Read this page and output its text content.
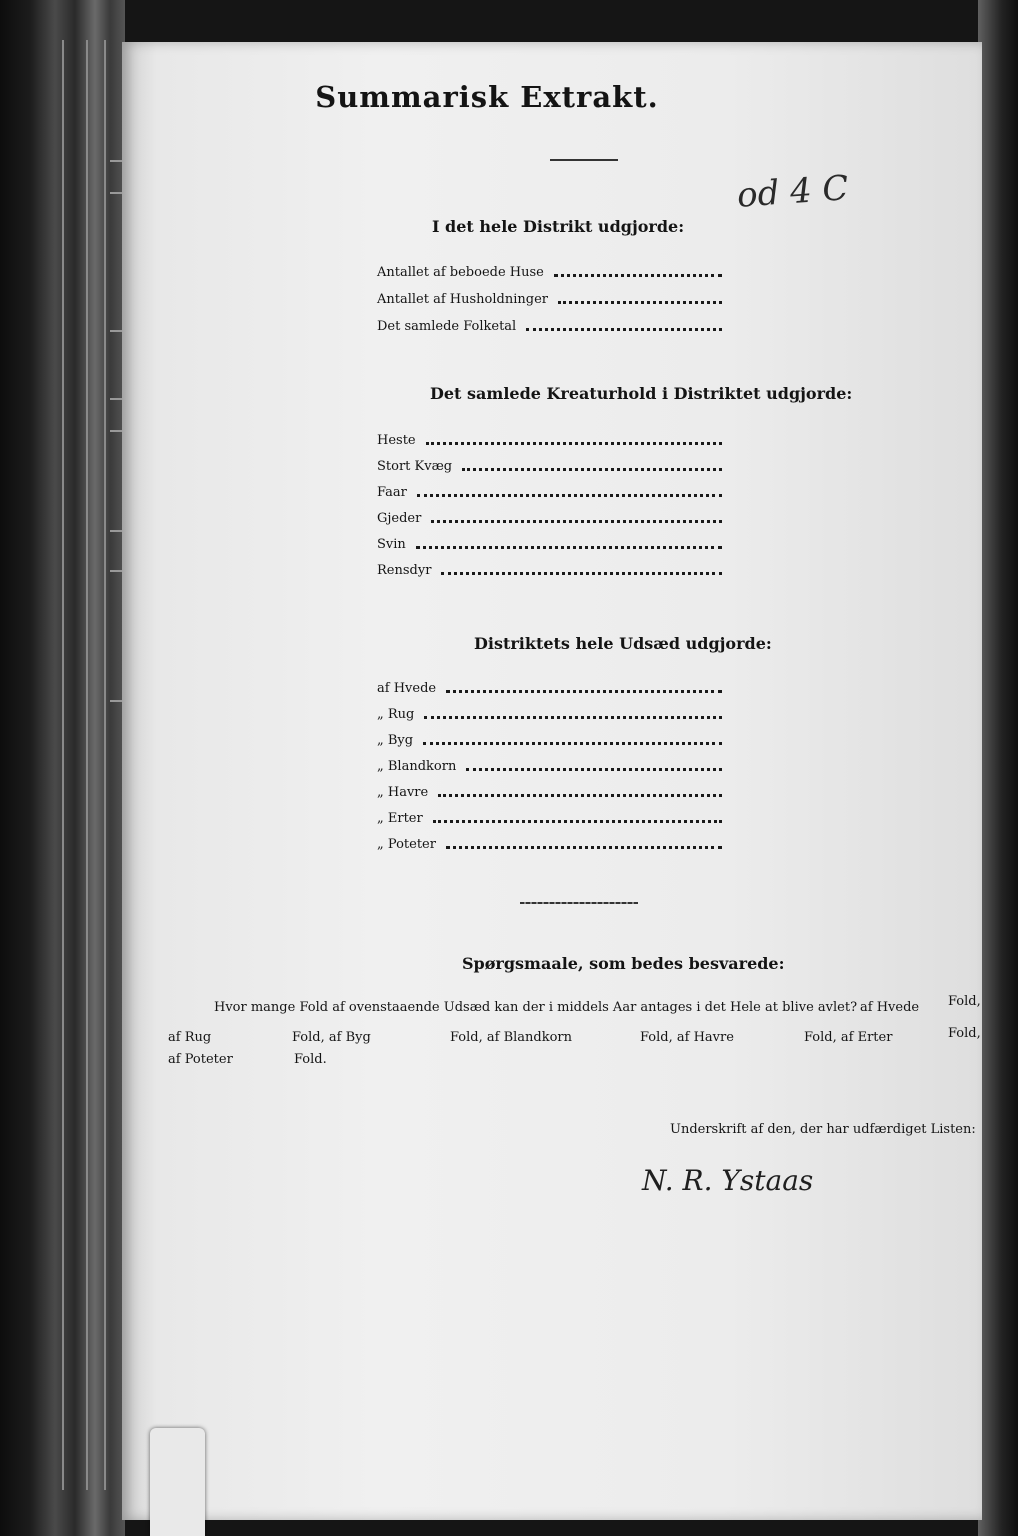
Summarisk Extrakt.
od 4 C
I det hele Distrikt udgjorde:
Antallet af beboede Huse
Antallet af Husholdninger
Det samlede Folketal
Det samlede Kreaturhold i Distriktet udgjorde:
Heste
Stort Kvæg
Faar
Gjeder
Svin
Rensdyr
Distriktets hele Udsæd udgjorde:
af Hvede
„ Rug
„ Byg
„ Blandkorn
„ Havre
„ Erter
„ Poteter
Spørgsmaale, som bedes besvarede:
Hvor mange Fold af ovenstaaende Udsæd kan der i middels Aar antages i det Hele at blive avlet? af Hvede Fold,
af Rug	Fold, af Byg	Fold, af Blandkorn	Fold, af Havre	Fold, af Erter	Fold,
af Poteter	Fold.
Underskrift af den, der har udfærdiget Listen:
N. R. Ystaas
